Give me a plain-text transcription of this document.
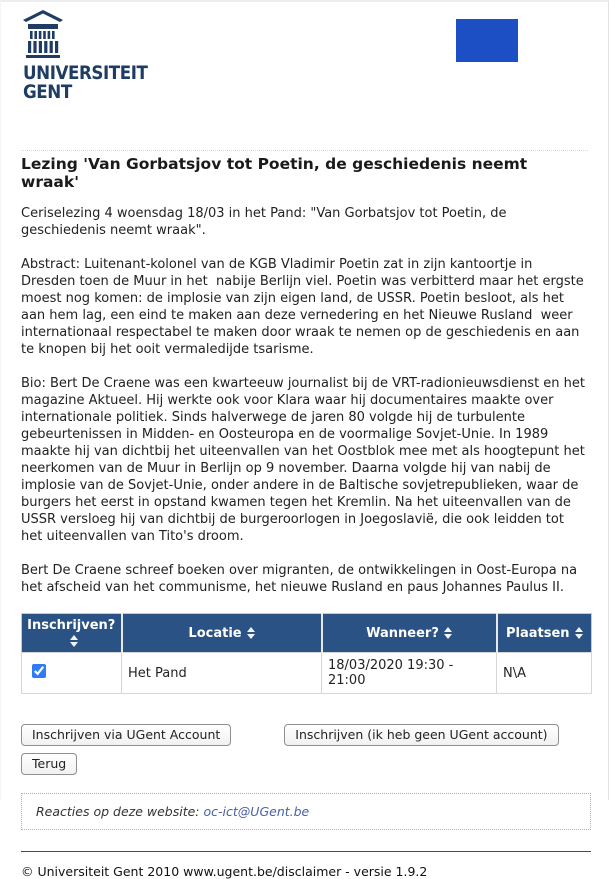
UNIVERSITEIT
GENT
Lezing 'Van Gorbatsjov tot Poetin, de geschiedenis neemt wraak'

Ceriselezing 4 woensdag 18/03 in het Pand: "Van Gorbatsjov tot Poetin, de geschiedenis neemt wraak".

Abstract: Luitenant-kolonel van de KGB Vladimir Poetin zat in zijn kantoortje in Dresden toen de Muur in het  nabije Berlijn viel. Poetin was verbitterd maar het ergste moest nog komen: de implosie van zijn eigen land, de USSR. Poetin besloot, als het aan hem lag, een eind te maken aan deze vernedering en het Nieuwe Rusland  weer internationaal respectabel te maken door wraak te nemen op de geschiedenis en aan te knopen bij het ooit vermaledijde tsarisme.

Bio: Bert De Craene was een kwarteeuw journalist bij de VRT-radionieuwsdienst en het magazine Aktueel. Hij werkte ook voor Klara waar hij documentaires maakte over internationale politiek. Sinds halverwege de jaren 80 volgde hij de turbulente gebeurtenissen in Midden- en Oosteuropa en de voormalige Sovjet-Unie. In 1989 maakte hij van dichtbij het uiteenvallen van het Oostblok mee met als hoogtepunt het neerkomen van de Muur in Berlijn op 9 november. Daarna volgde hij van nabij de implosie van de Sovjet-Unie, onder andere in de Baltische sovjetrepublieken, waar de burgers het eerst in opstand kwamen tegen het Kremlin. Na het uiteenvallen van de USSR versloeg hij van dichtbij de burgeroorlogen in Joegoslavië, die ook leidden tot het uiteenvallen van Tito's droom.

Bert De Craene schreef boeken over migranten, de ontwikkelingen in Oost-Europa na het afscheid van het communisme, het nieuwe Rusland en paus Johannes Paulus II.

Inschrijven?	Locatie	Wanneer?	Plaatsen

	Het Pand	18/03/2020 19:30 - 21:00	N\A
Inschrijven via UGent Account	Inschrijven (ik heb geen UGent account)
Terug
Reacties op deze website: oc-ict@UGent.be
© Universiteit Gent 2010 www.ugent.be/disclaimer - versie 1.9.2
